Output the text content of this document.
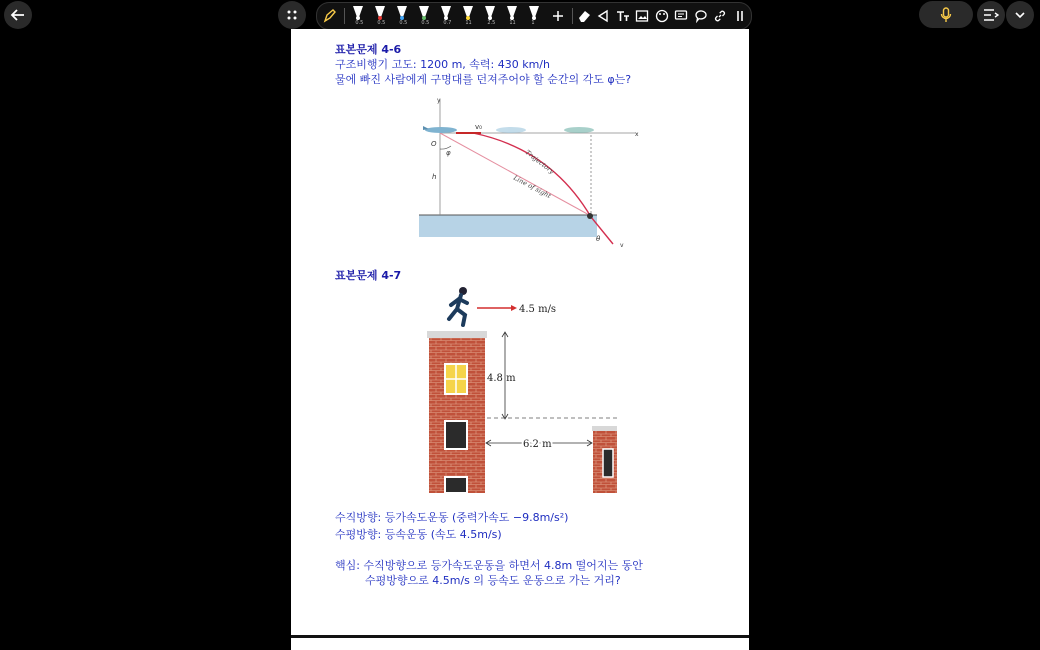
0.5	0.5	0.5	0.5	0.7	11	2.5	11	1
표본문제 4-6
구조비행기 고도: 1200 m, 속력: 430 km/h
물에 빠진 사람에게 구명대를 던져주어야 할 순간의 각도 φ는?
y
x
v₀
O
φ
h
Trajectory
Line of sight
θ
v
표본문제 4-7
4.5 m/s
4.8 m
6.2 m
수직방향: 등가속도운동 (중력가속도 −9.8m/s²)
수평방향: 등속운동 (속도 4.5m/s)
핵심: 수직방향으로 등가속도운동을 하면서 4.8m 떨어지는 동안
수평방향으로 4.5m/s 의 등속도 운동으로 가는 거리?
